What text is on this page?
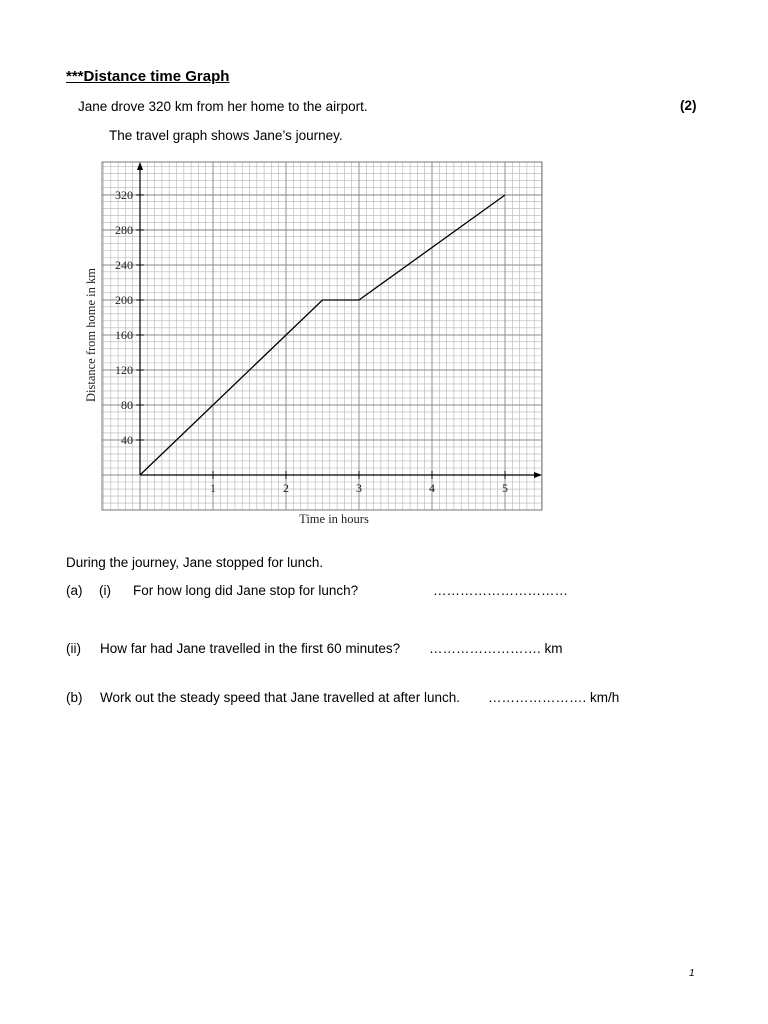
***Distance time Graph
Jane drove 320 km from her home to the airport.	(2)
The travel graph shows Jane’s journey.
1	2	3	4	5
40
80
120
160
200
240
280
320
Time in hours
Distance from home in km
During the journey, Jane stopped for lunch.
(a) (i) For how long did Jane stop for lunch?	…………………………
(ii) How far had Jane travelled in the first 60 minutes? ……………………. km
(b) Work out the steady speed that Jane travelled at after lunch. …………………. km/h
1
